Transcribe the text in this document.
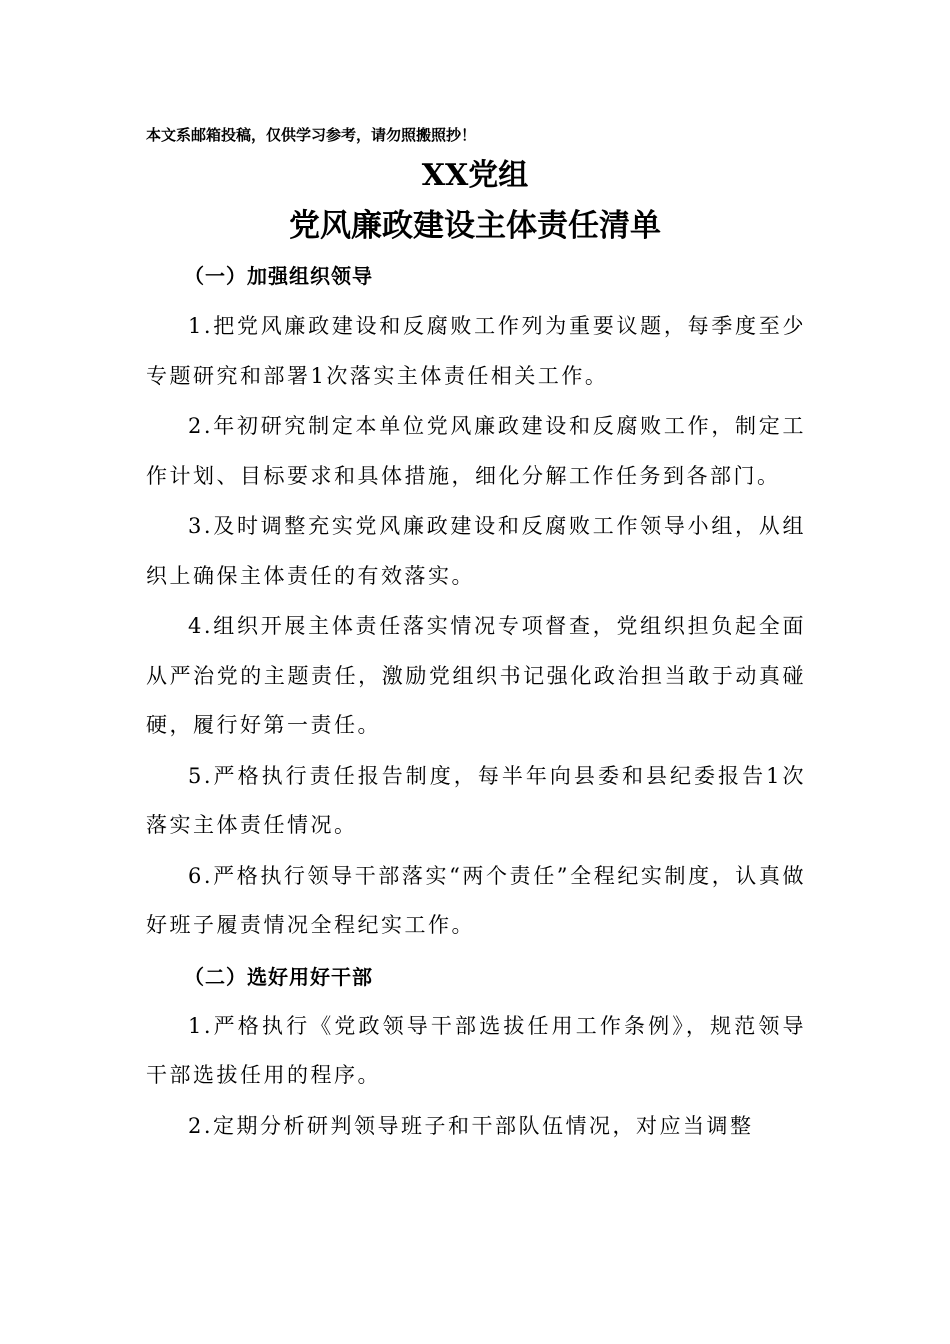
本文系邮箱投稿，仅供学习参考，请勿照搬照抄！
XX党组
党风廉政建设主体责任清单
（一）加强组织领导

1.把党风廉政建设和反腐败工作列为重要议题，每季度至少专题研究和部署1次落实主体责任相关工作。

2.年初研究制定本单位党风廉政建设和反腐败工作，制定工作计划、目标要求和具体措施，细化分解工作任务到各部门。

3.及时调整充实党风廉政建设和反腐败工作领导小组，从组织上确保主体责任的有效落实。

4.组织开展主体责任落实情况专项督查，党组织担负起全面从严治党的主题责任，激励党组织书记强化政治担当敢于动真碰硬，履行好第一责任。

5.严格执行责任报告制度，每半年向县委和县纪委报告1次落实主体责任情况。

6.严格执行领导干部落实“两个责任”全程纪实制度，认真做好班子履责情况全程纪实工作。

（二）选好用好干部

1.严格执行《党政领导干部选拔任用工作条例》，规范领导干部选拔任用的程序。

2.定期分析研判领导班子和干部队伍情况，对应当调整
